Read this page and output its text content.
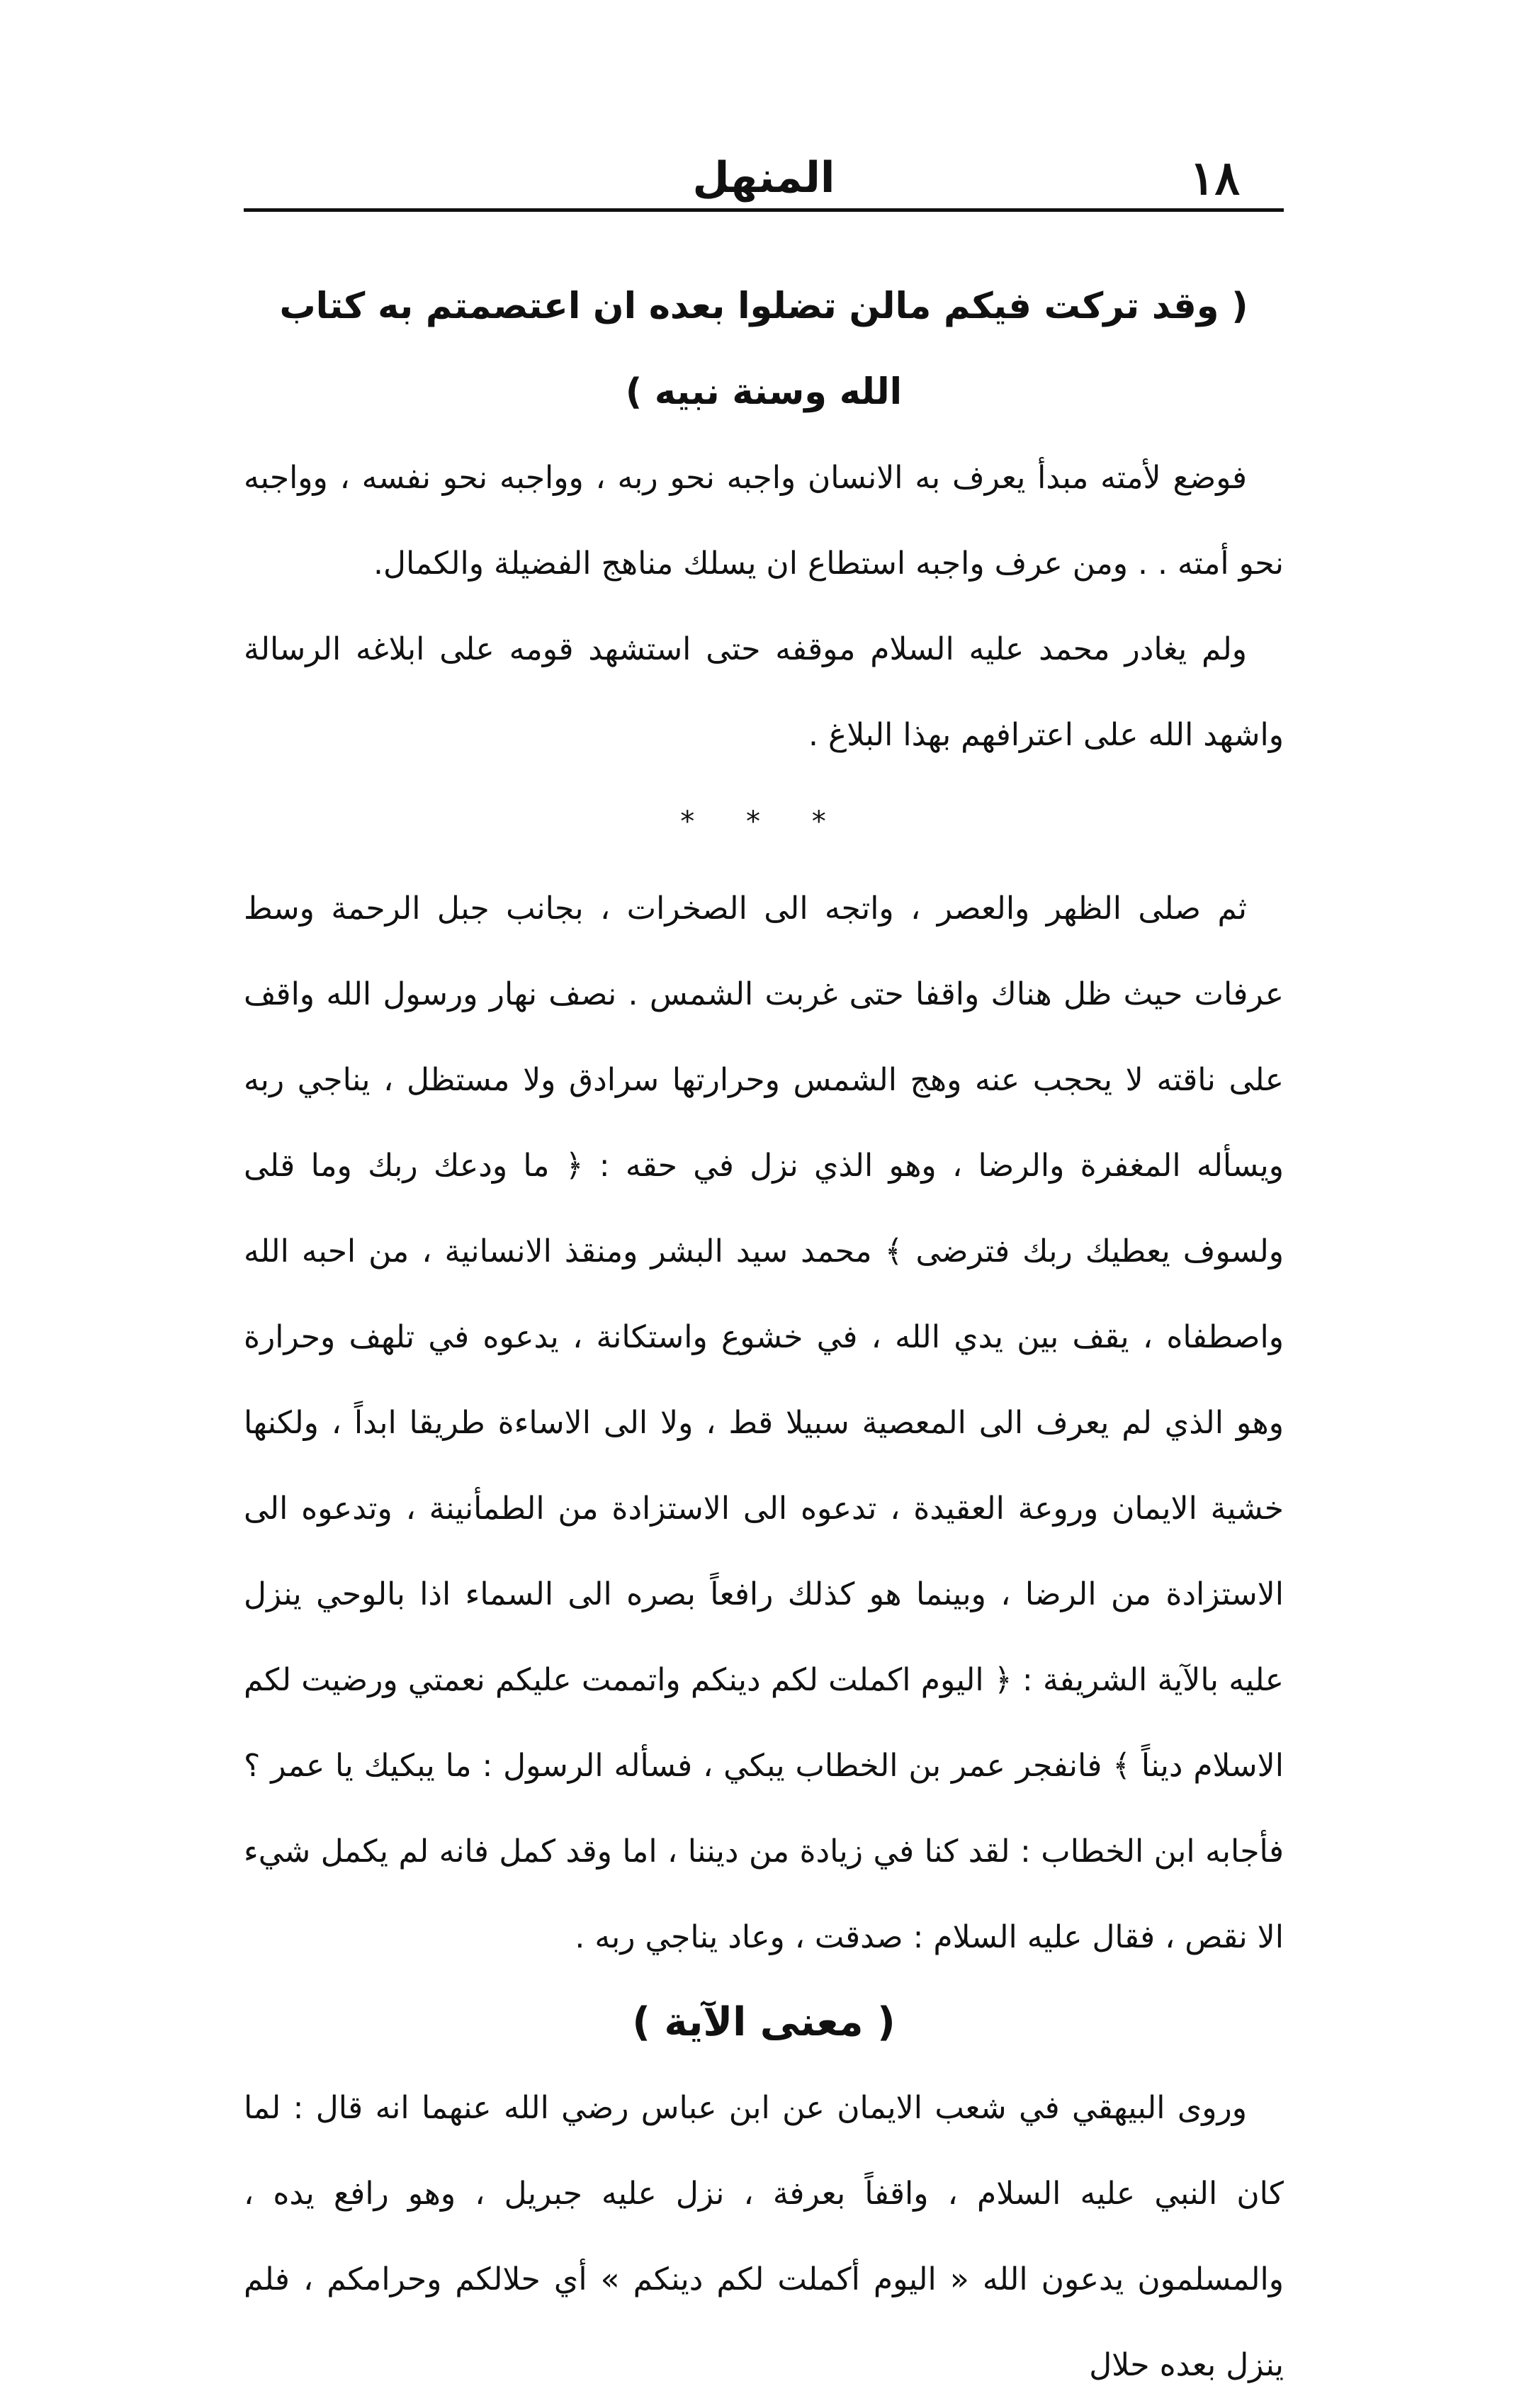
١٨
المنهل

( وقد تركت فيكم مالن تضلوا بعده ان اعتصمتم به كتاب الله وسنة نبيه )

فوضع لأمته مبدأ يعرف به الانسان واجبه نحو ربه ، وواجبه نحو نفسه ، وواجبه نحو أمته . . ومن عرف واجبه استطاع ان يسلك مناهج الفضيلة والكمال.

ولم يغادر محمد عليه السلام موقفه حتى استشهد قومه على ابلاغه الرسالة واشهد الله على اعترافهم بهذا البلاغ .

* * *

ثم صلى الظهر والعصر ، واتجه الى الصخرات ، بجانب جبل الرحمة وسط عرفات حيث ظل هناك واقفا حتى غربت الشمس . نصف نهار ورسول الله واقف على ناقته لا يحجب عنه وهج الشمس وحرارتها سرادق ولا مستظل ، يناجي ربه ويسأله المغفرة والرضا ، وهو الذي نزل في حقه : ﴿ ما ودعك ربك وما قلى ولسوف يعطيك ربك فترضى ﴾ محمد سيد البشر ومنقذ الانسانية ، من احبه الله واصطفاه ، يقف بين يدي الله ، في خشوع واستكانة ، يدعوه في تلهف وحرارة وهو الذي لم يعرف الى المعصية سبيلا قط ، ولا الى الاساءة طريقا ابداً ، ولكنها خشية الايمان وروعة العقيدة ، تدعوه الى الاستزادة من الطمأنينة ، وتدعوه الى الاستزادة من الرضا ، وبينما هو كذلك رافعاً بصره الى السماء اذا بالوحي ينزل عليه بالآية الشريفة : ﴿ اليوم اكملت لكم دينكم واتممت عليكم نعمتي ورضيت لكم الاسلام ديناً ﴾ فانفجر عمر بن الخطاب يبكي ، فسأله الرسول : ما يبكيك يا عمر ؟ فأجابه ابن الخطاب : لقد كنا في زيادة من ديننا ، اما وقد كمل فانه لم يكمل شيء الا نقص ، فقال عليه السلام : صدقت ، وعاد يناجي ربه .

( معنى الآية )

وروى البيهقي في شعب الايمان عن ابن عباس رضي الله عنهما انه قال : لما كان النبي عليه السلام ، واقفاً بعرفة ، نزل عليه جبريل ، وهو رافع يده ، والمسلمون يدعون الله « اليوم أكملت لكم دينكم » أي حلالكم وحرامكم ، فلم ينزل بعده حلال
